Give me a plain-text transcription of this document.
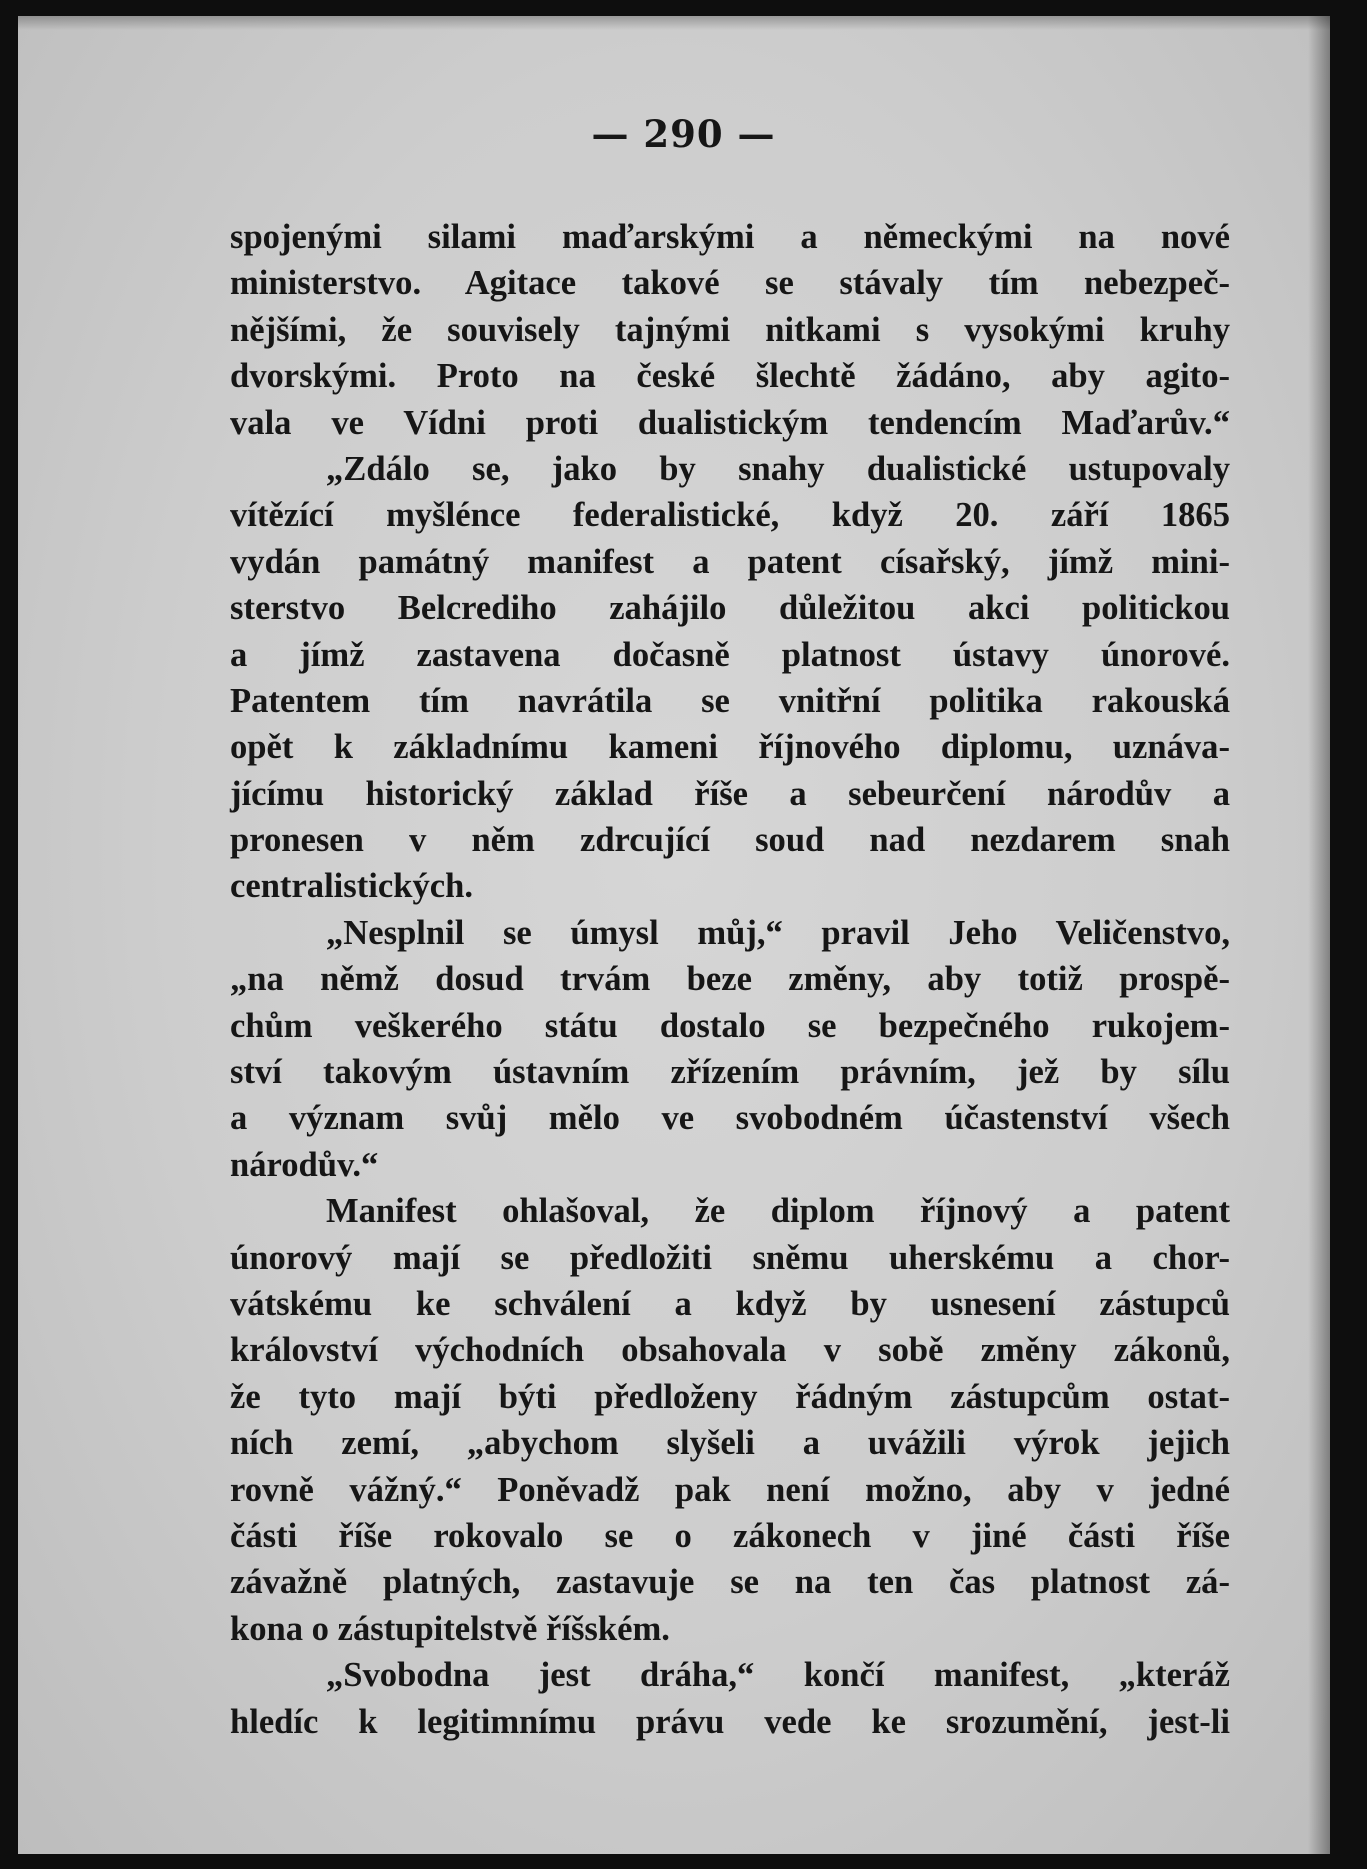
— 290 —
spojenými silami maďarskými a německými na nové
ministerstvo. Agitace takové se stávaly tím nebezpeč-
nějšími, že souvisely tajnými nitkami s vysokými kruhy
dvorskými. Proto na české šlechtě žádáno, aby agito-
vala ve Vídni proti dualistickým tendencím Maďarův.“
„Zdálo se, jako by snahy dualistické ustupovaly
vítězící myšlénce federalistické, když 20. září 1865
vydán památný manifest a patent císařský, jímž mini-
sterstvo Belcrediho zahájilo důležitou akci politickou
a jímž zastavena dočasně platnost ústavy únorové.
Patentem tím navrátila se vnitřní politika rakouská
opět k základnímu kameni říjnového diplomu, uznáva-
jícímu historický základ říše a sebeurčení národův a
pronesen v něm zdrcující soud nad nezdarem snah
centralistických.
„Nesplnil se úmysl můj,“ pravil Jeho Veličenstvo,
„na němž dosud trvám beze změny, aby totiž prospě-
chům veškerého státu dostalo se bezpečného rukojem-
ství takovým ústavním zřízením právním, jež by sílu
a význam svůj mělo ve svobodném účastenství všech
národův.“
Manifest ohlašoval, že diplom říjnový a patent
únorový mají se předložiti sněmu uherskému a chor-
vátskému ke schválení a když by usnesení zástupců
království východních obsahovala v sobě změny zákonů,
že tyto mají býti předloženy řádným zástupcům ostat-
ních zemí, „abychom slyšeli a uvážili výrok jejich
rovně vážný.“ Poněvadž pak není možno, aby v jedné
části říše rokovalo se o zákonech v jiné části říše
závažně platných, zastavuje se na ten čas platnost zá-
kona o zástupitelstvě říšském.
„Svobodna jest dráha,“ končí manifest, „kteráž
hledíc k legitimnímu právu vede ke srozumění, jest-li
